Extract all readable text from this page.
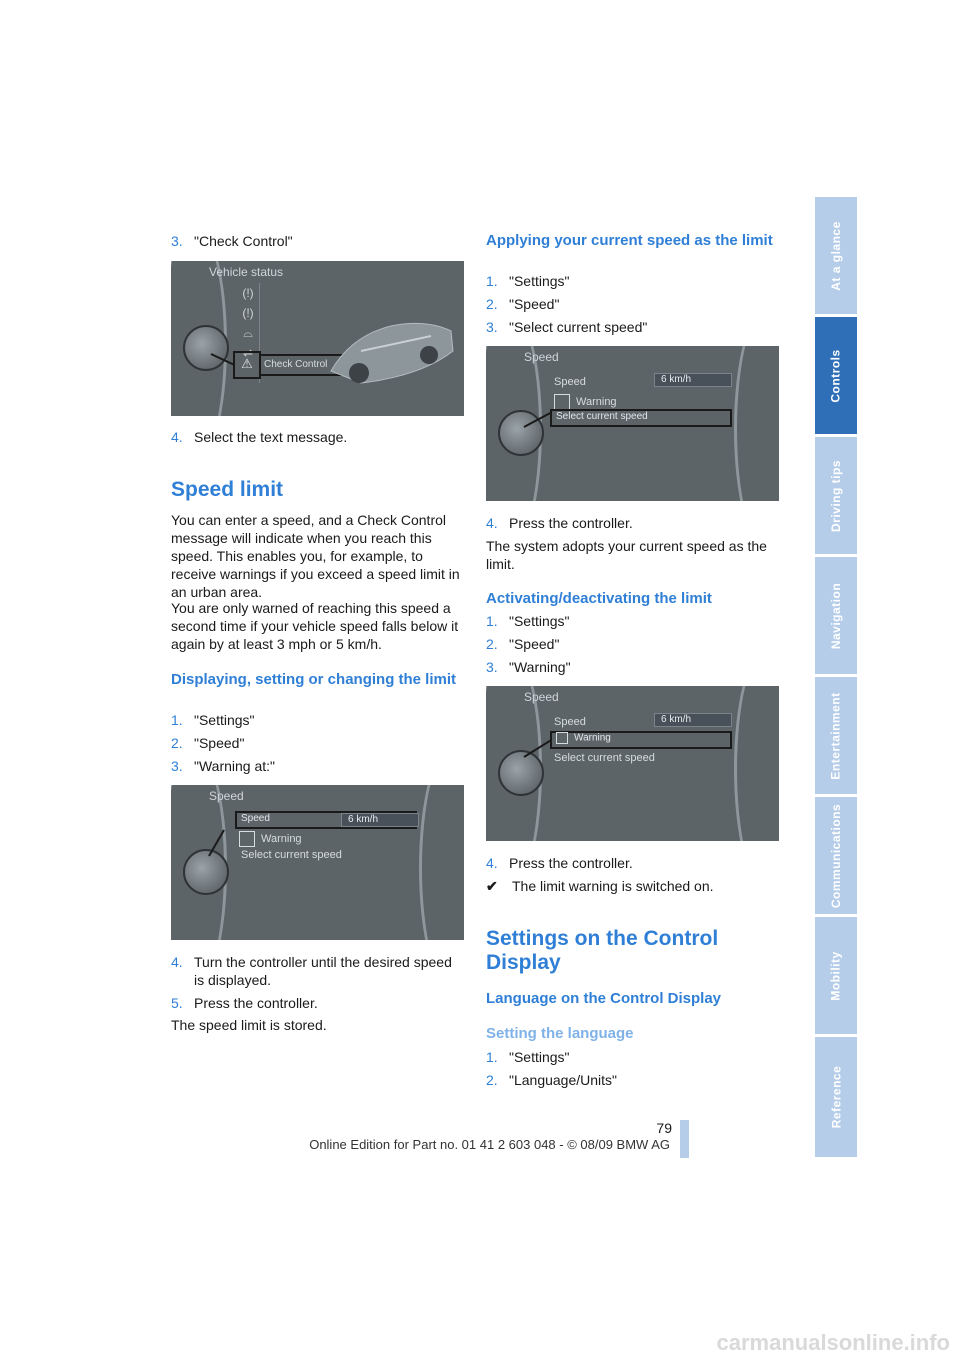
3. "Check Control"
Vehicle status
(!)
(!)
⌓
⇌
⚠	Check Control
4. Select the text message.
Speed limit
You can enter a speed, and a Check Control message will indicate when you reach this speed. This enables you, for example, to receive warnings if you exceed a speed limit in an urban area.
You are only warned of reaching this speed a second time if your vehicle speed falls below it again by at least 3 mph or 5 km/h.
Displaying, setting or changing the limit
1. "Settings"
2. "Speed"
3. "Warning at:"
Speed
Speed	6 km/h
Warning
Select current speed
4. Turn the controller until the desired speed is displayed.
5. Press the controller.
The speed limit is stored.
Applying your current speed as the limit
1. "Settings"
2. "Speed"
3. "Select current speed"
Speed
Speed	6 km/h
Warning
Select current speed
4. Press the controller.
The system adopts your current speed as the limit.
Activating/deactivating the limit
1. "Settings"
2. "Speed"
3. "Warning"
Speed
Speed	6 km/h
Warning
Select current speed
4. Press the controller.
✔ The limit warning is switched on.
Settings on the Control Display
Language on the Control Display
Setting the language
1. "Settings"
2. "Language/Units"
At a glance
Controls
Driving tips
Navigation
Entertainment
Communications
Mobility
Reference
79
Online Edition for Part no. 01 41 2 603 048 - © 08/09 BMW AG
carmanualsonline.info
